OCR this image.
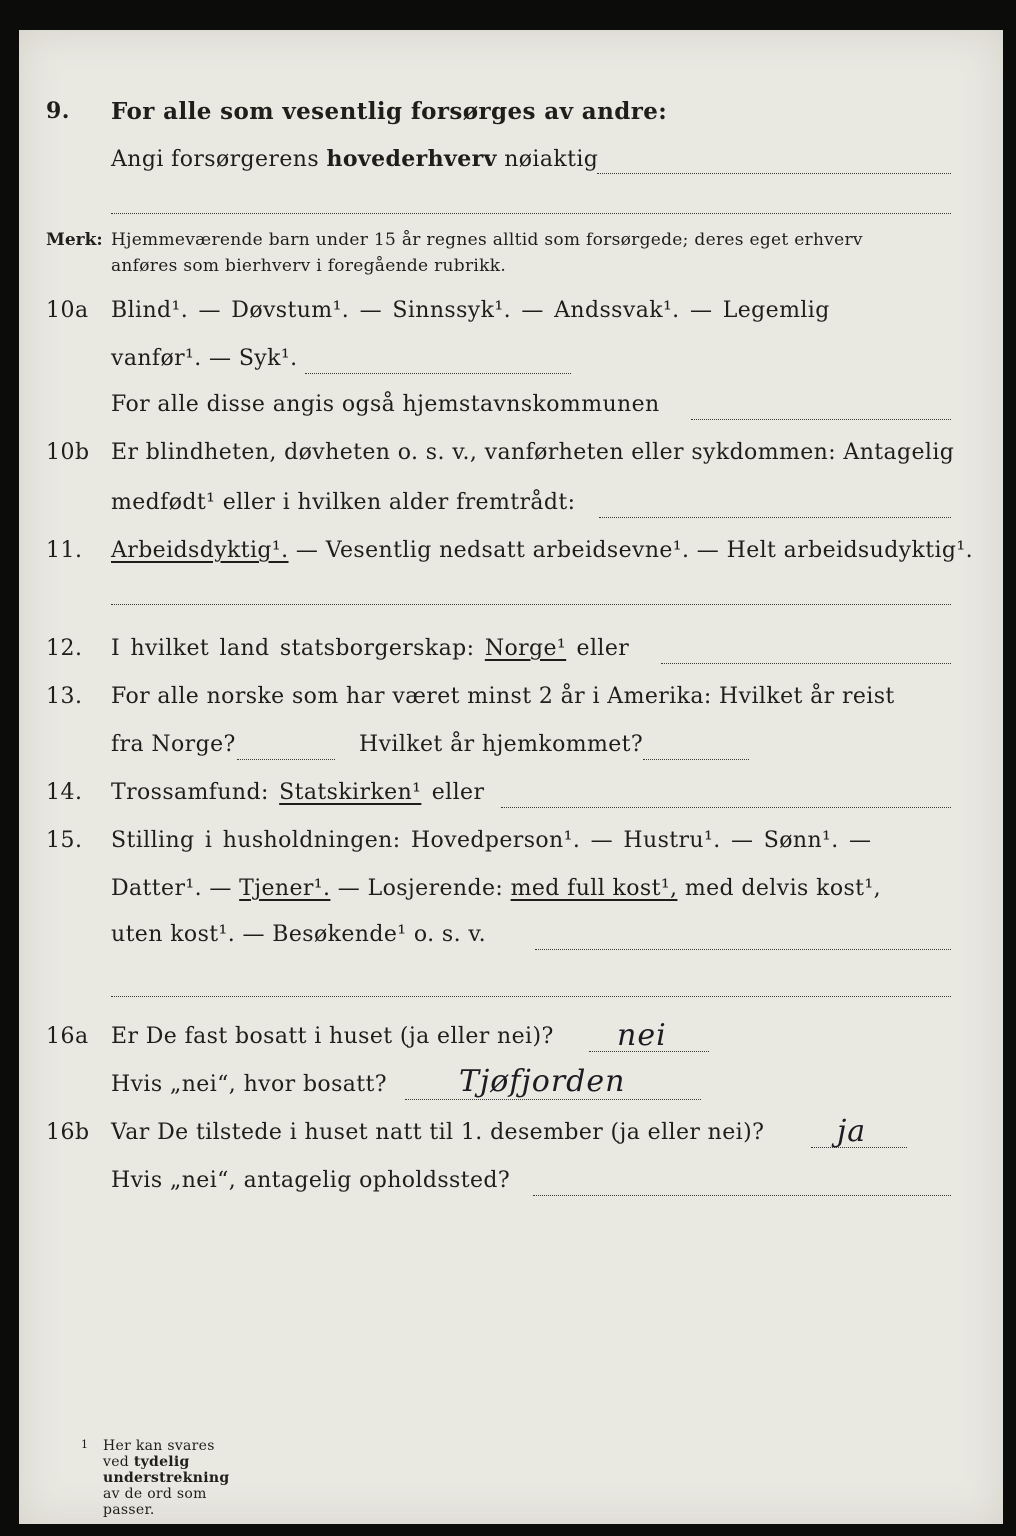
9. For alle som vesentlig forsørges av andre:
Angi forsørgerens hovederhverv nøiaktig
Merk: Hjemmeværende barn under 15 år regnes alltid som forsørgede; deres eget erhverv
anføres som bierhverv i foregående rubrikk.
10a Blind¹. — Døvstum¹. — Sinnssyk¹. — Andssvak¹. — Legemlig
vanfør¹. — Syk¹.
For alle disse angis også hjemstavnskommunen
10b Er blindheten, døvheten o. s. v., vanførheten eller sykdommen: Antagelig
medfødt¹ eller i hvilken alder fremtrådt:
11. Arbeidsdyktig¹. — Vesentlig nedsatt arbeidsevne¹. — Helt arbeidsudyktig¹.
12. I hvilket land statsborgerskap: Norge¹ eller
13. For alle norske som har været minst 2 år i Amerika: Hvilket år reist
fra Norge?	Hvilket år hjemkommet?
14. Trossamfund: Statskirken¹ eller
15. Stilling i husholdningen: Hovedperson¹. — Hustru¹. — Sønn¹. —
Datter¹. — Tjener¹. — Losjerende: med full kost¹, med delvis kost¹,
uten kost¹. — Besøkende¹ o. s. v.
16a Er De fast bosatt i huset (ja eller nei)? nei
Hvis „nei“, hvor bosatt? Tjøfjorden
16b Var De tilstede i huset natt til 1. desember (ja eller nei)? ja
Hvis „nei“, antagelig opholdssted?
1 Her kan svares ved tydelig understrekning av de ord som passer.
